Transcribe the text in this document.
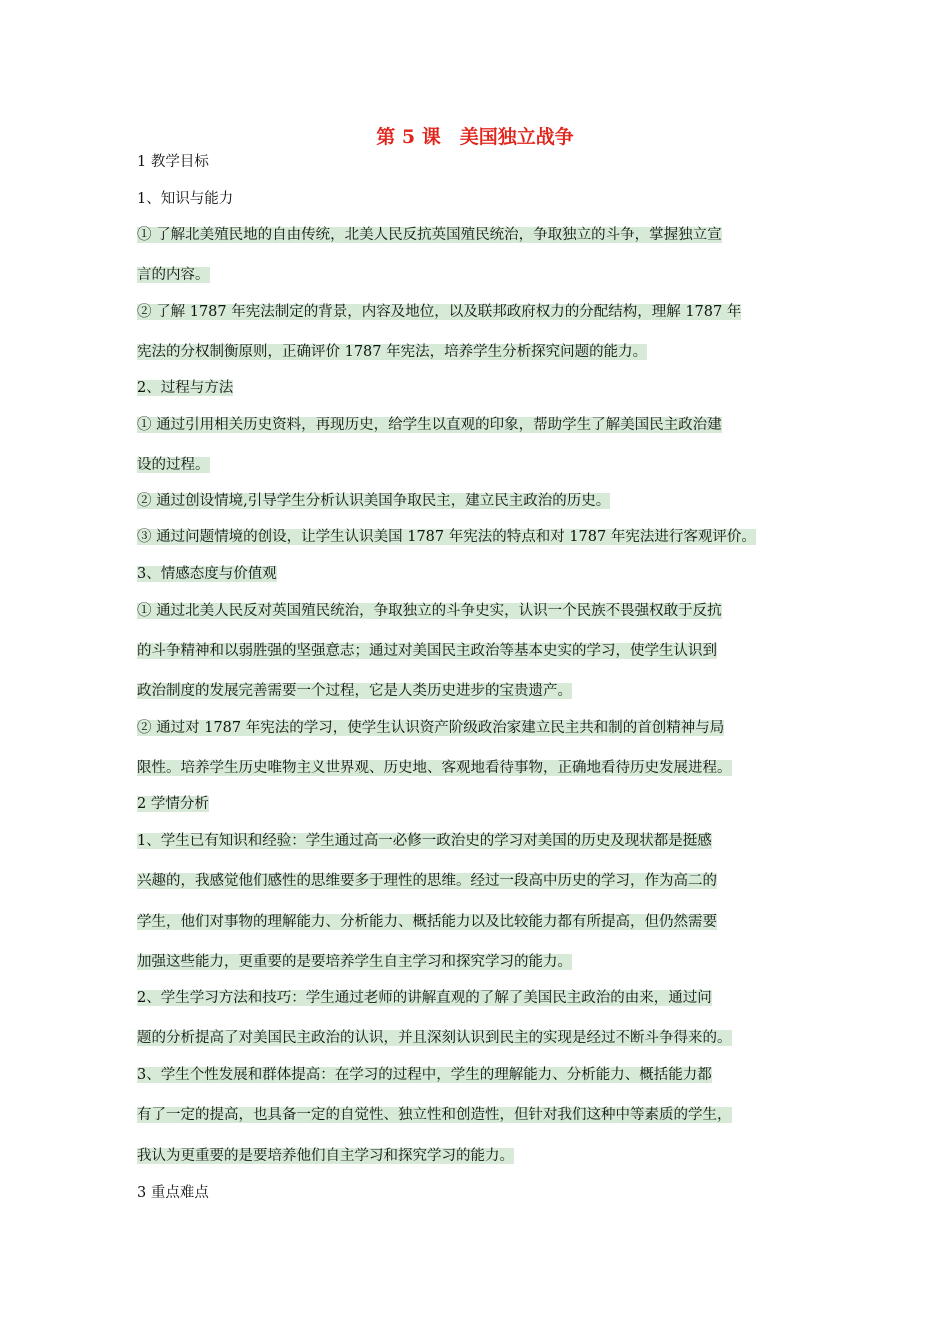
第 5 课　美国独立战争
1 教学目标
1、知识与能力
① 了解北美殖民地的自由传统，北美人民反抗英国殖民统治，争取独立的斗争，掌握独立宣
言的内容。
② 了解 1787 年宪法制定的背景，内容及地位，以及联邦政府权力的分配结构，理解 1787 年
宪法的分权制衡原则，正确评价 1787 年宪法，培养学生分析探究问题的能力。
2、过程与方法
① 通过引用相关历史资料，再现历史，给学生以直观的印象，帮助学生了解美国民主政治建
设的过程。
② 通过创设情境,引导学生分析认识美国争取民主，建立民主政治的历史。
③ 通过问题情境的创设，让学生认识美国 1787 年宪法的特点和对 1787 年宪法进行客观评价。
3、情感态度与价值观
① 通过北美人民反对英国殖民统治，争取独立的斗争史实，认识一个民族不畏强权敢于反抗
的斗争精神和以弱胜强的坚强意志；通过对美国民主政治等基本史实的学习，使学生认识到
政治制度的发展完善需要一个过程，它是人类历史进步的宝贵遗产。
② 通过对 1787 年宪法的学习，使学生认识资产阶级政治家建立民主共和制的首创精神与局
限性。培养学生历史唯物主义世界观、历史地、客观地看待事物，正确地看待历史发展进程。
2 学情分析
1、学生已有知识和经验：学生通过高一必修一政治史的学习对美国的历史及现状都是挺感
兴趣的，我感觉他们感性的思维要多于理性的思维。经过一段高中历史的学习，作为高二的
学生，他们对事物的理解能力、分析能力、概括能力以及比较能力都有所提高，但仍然需要
加强这些能力，更重要的是要培养学生自主学习和探究学习的能力。
2、学生学习方法和技巧：学生通过老师的讲解直观的了解了美国民主政治的由来，通过问
题的分析提高了对美国民主政治的认识，并且深刻认识到民主的实现是经过不断斗争得来的。
3、学生个性发展和群体提高：在学习的过程中，学生的理解能力、分析能力、概括能力都
有了一定的提高，也具备一定的自觉性、独立性和创造性，但针对我们这种中等素质的学生，
我认为更重要的是要培养他们自主学习和探究学习的能力。
3 重点难点
